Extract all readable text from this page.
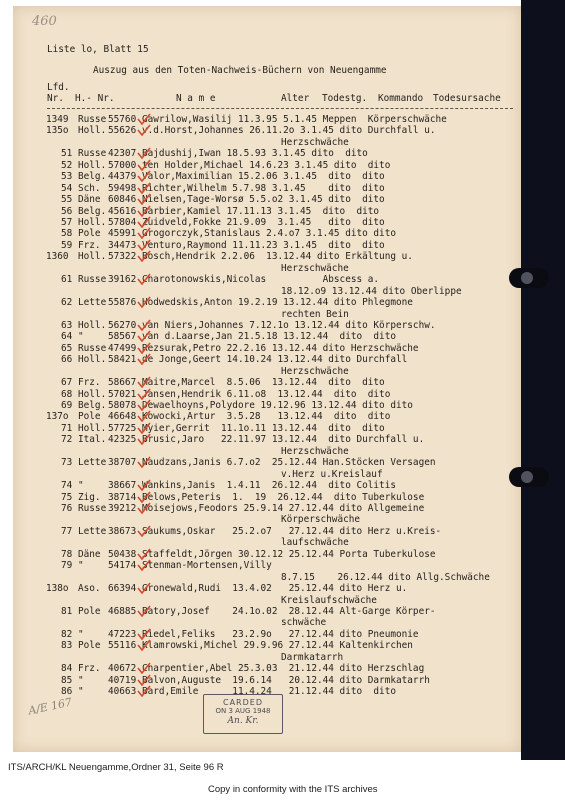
460
Liste lo, Blatt 15
Auszug aus den Toten-Nachweis-Büchern von Neuengamme
Lfd.
Nr. H.- Nr.	N a m e	Alter Todestg. Kommando Todesursache
1349 Russe 55760 Gawrilow,Wasilij 11.3.95 5.1.45 Meppen  Körperschwäche
135o Holl. 55626 v.d.Horst,Johannes 26.11.2o 3.1.45 dito Durchfall u.
Herzschwäche
51 Russe 42307 Bajdushij,Iwan 18.5.93 3.1.45 dito  dito
52 Holl. 57000 ten Holder,Michael 14.6.23 3.1.45 dito  dito
53 Belg. 44379 Valor,Maximilian 15.2.06 3.1.45  dito  dito
54 Sch. 59498 Richter,Wilhelm 5.7.98 3.1.45    dito  dito
55 Däne 60846 Nielsen,Tage-Worsø 5.5.o2 3.1.45 dito  dito
56 Belg. 45616 Barbier,Kamiel 17.11.13 3.1.45  dito  dito
57 Holl. 57804 Zuidveld,Fokke 21.9.09  3.1.45   dito  dito
58 Pole 45991 Grogorczyk,Stanislaus 2.4.o7 3.1.45 dito dito
59 Frz. 34473 Venturo,Raymond 11.11.23 3.1.45  dito  dito
1360 Holl. 57322 Bosch,Hendrik 2.2.06  13.12.44 dito Erkältung u.
Herzschwäche
61 Russe 39162 Charotonowskis,Nicolas          Abscess a.
18.12.o9 13.12.44 dito Oberlippe
62 Lette 55876 Hodwedskis,Anton 19.2.19 13.12.44 dito Phlegmone
rechten Bein
63 Holl. 56270 van Niers,Johannes 7.12.1o 13.12.44 dito Körperschw.
64 "	58567 van d.Laarse,Jan 21.5.18 13.12.44  dito  dito
65 Russe 47499 Rezsurak,Petro 22.2.16 13.12.44 dito Herzschwäche
66 Holl. 58421 de Jonge,Geert 14.10.24 13.12.44 dito Durchfall
Herzschwäche
67 Frz. 58667 Maitre,Marcel  8.5.06  13.12.44  dito  dito
68 Holl. 57021 Jansen,Hendrik 6.11.o8  13.12.44  dito  dito
69 Belg. 58078 Dewaelhoyns,Polydore 19.12.96 13.12.44 dito dito
137o Pole 46648 Kowocki,Artur  3.5.28   13.12.44  dito  dito
71 Holl. 57725 Myier,Gerrit  11.1o.11 13.12.44  dito  dito
72 Ital. 42325 Brusic,Jaro   22.11.97 13.12.44  dito Durchfall u.
Herzschwäche
73 Lette 38707 Naudzans,Janis 6.7.o2  25.12.44 Han.Stöcken Versagen
v.Herz u.Kreislauf
74 "	38667 Wankins,Janis  1.4.11  26.12.44  dito Colitis
75 Zig. 38714 Belows,Peteris  1.  19  26.12.44  dito Tuberkulose
76 Russe 39212 Moisejows,Feodors 25.9.14 27.12.44 dito Allgemeine
Körperschwäche
77 Lette 38673 Saukums,Oskar   25.2.o7   27.12.44 dito Herz u.Kreis-
laufschwäche
78 Däne 50438 Staffeldt,Jörgen 30.12.12 25.12.44 Porta Tuberkulose
79 "	54174 Stenman-Mortensen,Villy
8.7.15    26.12.44 dito Allg.Schwäche
138o Aso. 66394 Gronewald,Rudi  13.4.02   25.12.44 dito Herz u.
Kreislaufschwäche
81 Pole 46885 Batory,Josef    24.1o.02  28.12.44 Alt-Garge Körper-
schwäche
82 "	47223 Riedel,Feliks   23.2.9o   27.12.44 dito Pneumonie
83 Pole 55116 Klamrowski,Michel 29.9.96 27.12.44 Kaltenkirchen
Darmkatarrh
84 Frz. 40672 Charpentier,Abel 25.3.03  21.12.44 dito Herzschlag
85 "	40719 Balvon,Auguste  19.6.14   20.12.44 dito Darmkatarrh
86 "	40663 Bard,Emile      11.4.24   21.12.44 dito  dito
A/E 167	CARDED
ON 3 AUG 1948
An. Kr.
ITS/ARCH/KL Neuengamme,Ordner 31, Seite 96 R
Copy in conformity with the ITS archives
